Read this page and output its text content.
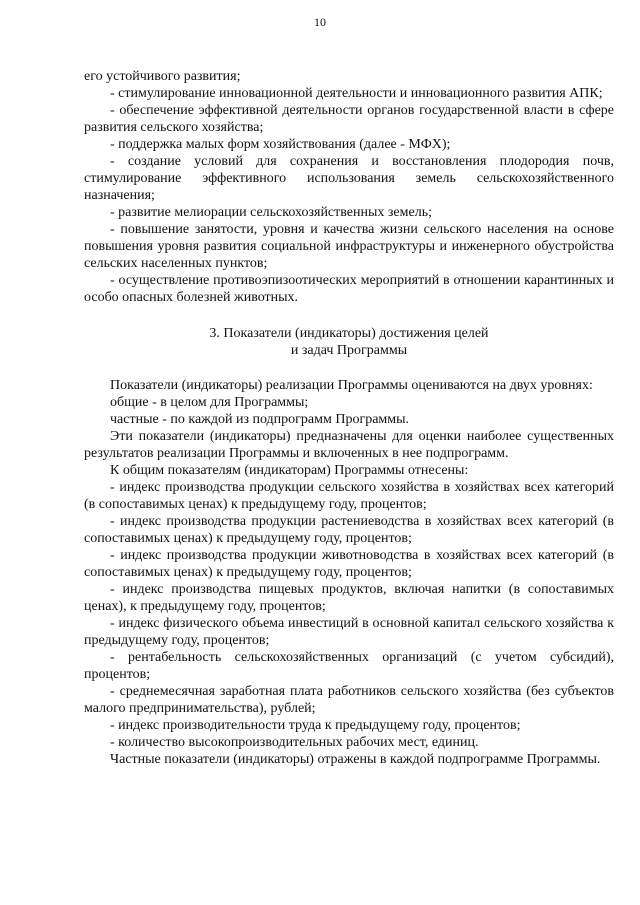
10

его устойчивого развития;

- стимулирование инновационной деятельности и инновационного развития АПК;

- обеспечение эффективной деятельности органов государственной власти в сфере развития сельского хозяйства;

- поддержка малых форм хозяйствования (далее - МФХ);

- создание условий для сохранения и восстановления плодородия почв, стимулирование эффективного использования земель сельскохозяйственного назначения;

- развитие мелиорации сельскохозяйственных земель;

- повышение занятости, уровня и качества жизни сельского населения на основе повышения уровня развития социальной инфраструктуры и инженерного обустройства сельских населенных пунктов;

- осуществление противоэпизоотических мероприятий в отношении карантинных и особо опасных болезней животных.

3. Показатели (индикаторы) достижения целей
и задач Программы

Показатели (индикаторы) реализации Программы оцениваются на двух уровнях:

общие - в целом для Программы;

частные - по каждой из подпрограмм Программы.

Эти показатели (индикаторы) предназначены для оценки наиболее существенных результатов реализации Программы и включенных в нее подпрограмм.

К общим показателям (индикаторам) Программы отнесены:

- индекс производства продукции сельского хозяйства в хозяйствах всех категорий (в сопоставимых ценах) к предыдущему году, процентов;

- индекс производства продукции растениеводства в хозяйствах всех категорий (в сопоставимых ценах) к предыдущему году, процентов;

- индекс производства продукции животноводства в хозяйствах всех категорий (в сопоставимых ценах) к предыдущему году, процентов;

- индекс производства пищевых продуктов, включая напитки (в сопоставимых ценах), к предыдущему году, процентов;

- индекс физического объема инвестиций в основной капитал сельского хозяйства к предыдущему году, процентов;

- рентабельность сельскохозяйственных организаций (с учетом субсидий), процентов;

- среднемесячная заработная плата работников сельского хозяйства (без субъектов малого предпринимательства), рублей;

- индекс производительности труда к предыдущему году, процентов;

- количество высокопроизводительных рабочих мест, единиц.

Частные показатели (индикаторы) отражены в каждой подпрограмме Программы.
